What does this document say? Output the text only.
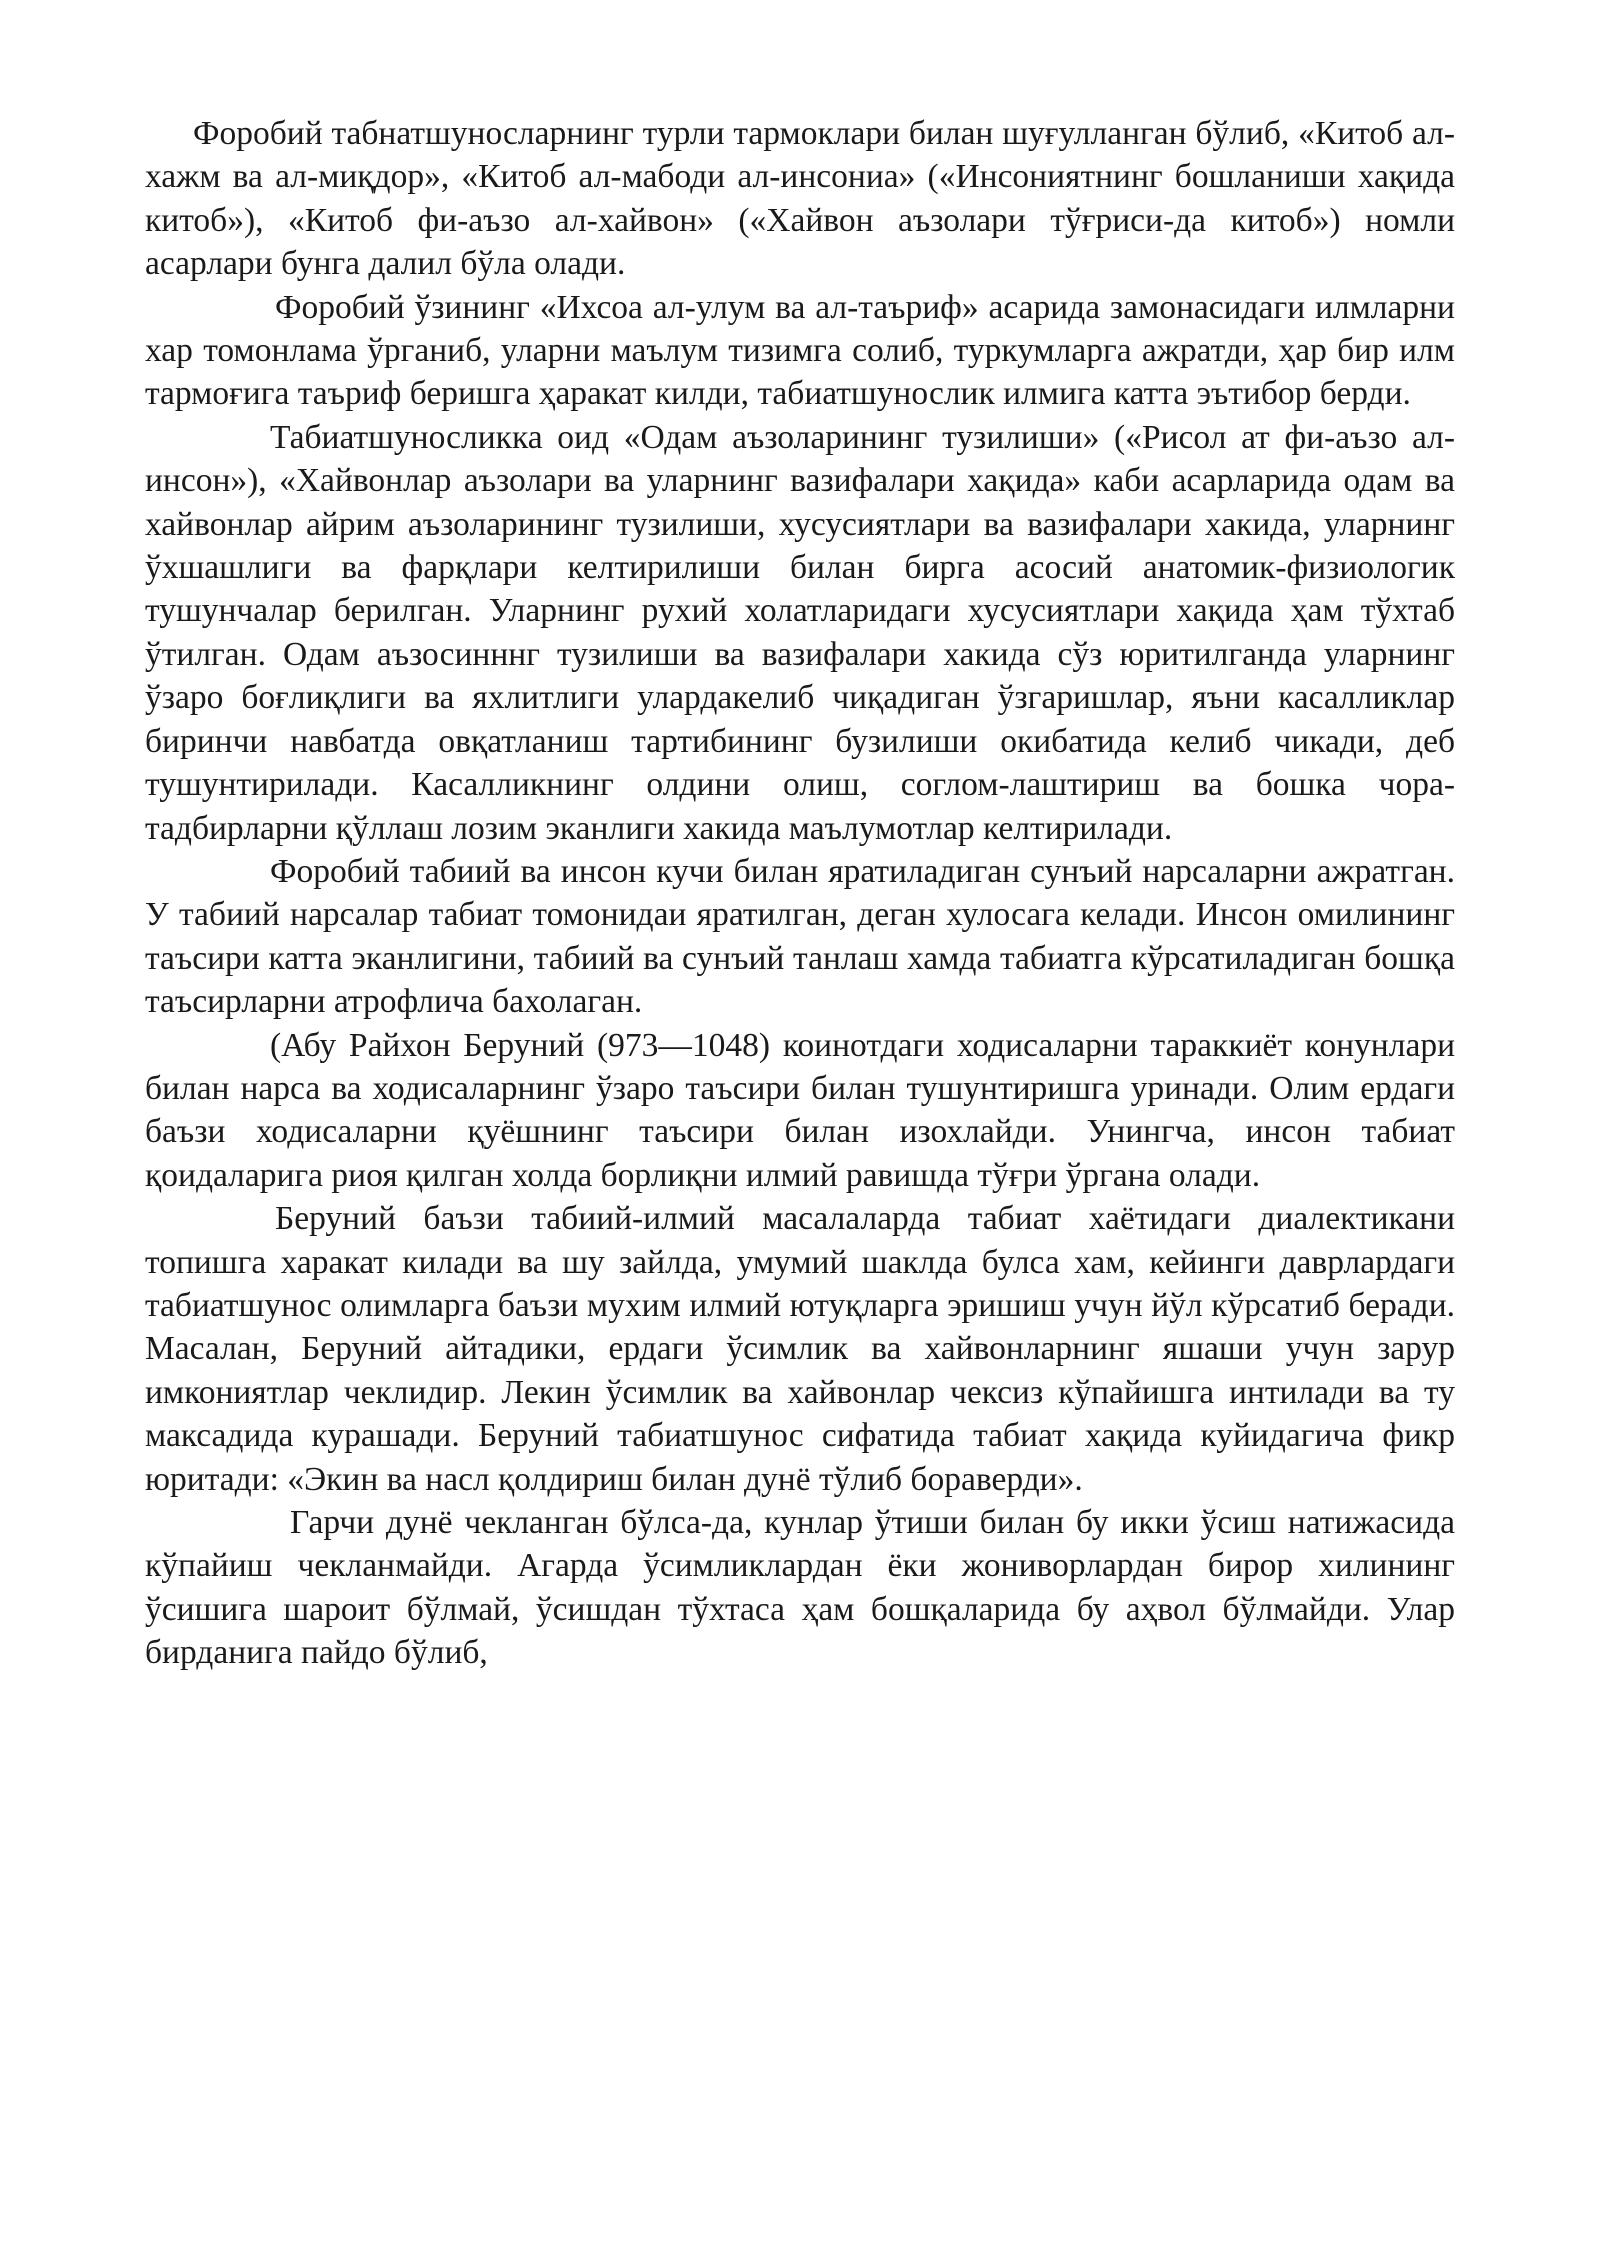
Форобий табнатшуносларнинг турли тармоклари билан шуғулланган бўлиб, «Китоб ал-хажм ва ал-миқдор», «Китоб ал-мабоди ал-инсониа» («Инсониятнинг бошланиши хақида китоб»), «Китоб фи-аъзо ал-хайвон» («Хайвон аъзолари тўғриси-да китоб») номли асарлари бунга далил бўла олади.

Форобий ўзининг «Ихсоа ал-улум ва ал-таъриф» асарида замонасидаги илмларни хар томонлама ўрганиб, уларни маълум тизимга солиб, туркумларга ажратди, ҳар бир илм тармоғига таъриф беришга ҳаракат килди, табиатшунослик илмига катта эътибор берди.

Табиатшуносликка оид «Одам аъзоларининг тузилиши» («Рисол ат фи-аъзо ал-инсон»), «Хайвонлар аъзолари ва уларнинг вазифалари хақида» каби асарларида одам ва хайвонлар айрим аъзоларининг тузилиши, хусусиятлари ва вазифалари хакида, уларнинг ўхшашлиги ва фарқлари келтирилиши билан бирга асосий анатомик-физиологик тушунчалар берилган. Уларнинг рухий холатларидаги хусусиятлари хақида ҳам тўхтаб ўтилган. Одам аъзосинннг тузилиши ва вазифалари хакида сўз юритилганда уларнинг ўзаро боғлиқлиги ва яхлитлиги улардакелиб чиқадиган ўзгаришлар, яъни касалликлар биринчи навбатда овқатланиш тартибининг бузилиши окибатида келиб чикади, деб тушунтирилади. Касалликнинг олдини олиш, соглом-лаштириш ва бошка чора-тадбирларни қўллаш лозим эканлиги хакида маълумотлар келтирилади.

Форобий табиий ва инсон кучи билан яратиладиган сунъий нарсаларни ажратган. У табиий нарсалар табиат томонидаи яратилган, деган хулосага келади. Инсон омилининг таъсири катта эканлигини, табиий ва сунъий танлаш хамда табиатга кўрсатиладиган бошқа таъсирларни атрофлича бахолаган.

(Абу Райхон Беруний (973—1048) коинотдаги ходисаларни тараккиёт конунлари билан нарса ва ходисаларнинг ўзаро таъсири билан тушунтиришга уринади. Олим ердаги баъзи ходисаларни қуёшнинг таъсири билан изохлайди. Унингча, инсон табиат қоидаларига риоя қилган холда борлиқни илмий равишда тўғри ўргана олади.

Беруний баъзи табиий-илмий масалаларда табиат хаётидаги диалектикани топишга харакат килади ва шу зайлда, умумий шаклда булса хам, кейинги даврлардаги табиатшунос олимларга баъзи мухим илмий ютуқларга эришиш учун йўл кўрсатиб беради. Масалан, Беруний айтадики, ердаги ўсимлик ва хайвонларнинг яшаши учун зарур имкониятлар чеклидир. Лекин ўсимлик ва хайвонлар чексиз кўпайишга интилади ва ту максадида курашади. Беруний табиатшунос сифатида табиат хақида куйидагича фикр юритади: «Экин ва насл қолдириш билан дунё тўлиб бораверди».

Гарчи дунё чекланган бўлса-да, кунлар ўтиши билан бу икки ўсиш натижасида кўпайиш чекланмайди. Агарда ўсимликлардан ёки жониворлардан бирор хилининг ўсишига шароит бўлмай, ўсишдан тўхтаса ҳам бошқаларида бу аҳвол бўлмайди. Улар бирданига пайдо бўлиб,
